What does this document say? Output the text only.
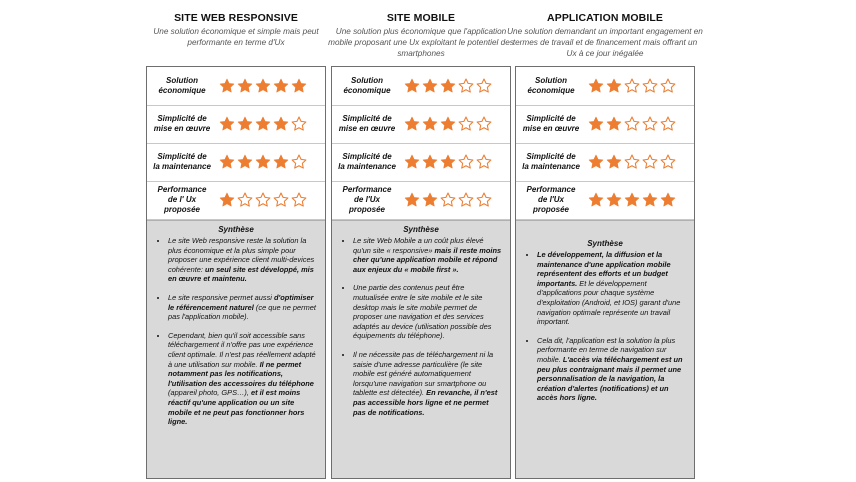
SITE WEB RESPONSIVE
Une solution économique et simple mais peut performante en terme d'Ux
Solution économique
Simplicité de mise en œuvre
Simplicité de la maintenance
Performance de l' Ux proposée
Synthèse
• Le site Web responsive reste la solution la plus économique et la plus simple pour proposer une expérience client multi-devices cohérente: un seul site est développé, mis en œuvre et maintenu.
• Le site responsive permet aussi d'optimiser le référencement naturel (ce que ne permet pas l'application mobile).
• Cependant, bien qu'il soit accessible sans téléchargement il n'offre pas une expérience client optimale. Il n'est pas réellement adapté à une utilisation sur mobile. Il ne permet notamment pas les notifications, l'utilisation des accessoires du téléphone (appareil photo, GPS…), et il est moins réactif qu'une application ou un site mobile et ne peut pas fonctionner hors ligne.
SITE MOBILE
Une solution plus économique que l'application mobile proposant une Ux exploitant le potentiel des smartphones
Solution économique
Simplicité de mise en œuvre
Simplicité de la maintenance
Performance de l'Ux proposée
Synthèse
• Le site Web Mobile a un coût plus élevé qu'un site « responsive» mais il reste moins cher qu'une application mobile et répond aux enjeux du « mobile first ».
• Une partie des contenus peut être mutualisée entre le site mobile et le site desktop mais le site mobile permet de proposer une navigation et des services adaptés au device (utilisation possible des équipements du téléphone).
• Il ne nécessite pas de téléchargement ni la saisie d'une adresse particulière (le site mobile est généré automatiquement lorsqu'une navigation sur smartphone ou tablette est détectée). En revanche, il n'est pas accessible hors ligne et ne permet pas de notifications.
APPLICATION MOBILE
Une solution demandant un important engagement en termes de travail et de financement mais offrant un Ux à ce jour inégalée
Solution économique
Simplicité de mise en œuvre
Simplicité de la maintenance
Performance de l'Ux proposée
Synthèse
• Le développement, la diffusion et la maintenance d'une application mobile représentent des efforts et un budget importants. Et le développement d'applications pour chaque système d'exploitation (Android, et IOS) garant d'une navigation optimale représente un travail important.
• Cela dit, l'application est la solution la plus performante en terme de navigation sur mobile. L'accès via téléchargement est un peu plus contraignant mais il permet une personnalisation de la navigation, la création d'alertes (notifications) et un accès hors ligne.
